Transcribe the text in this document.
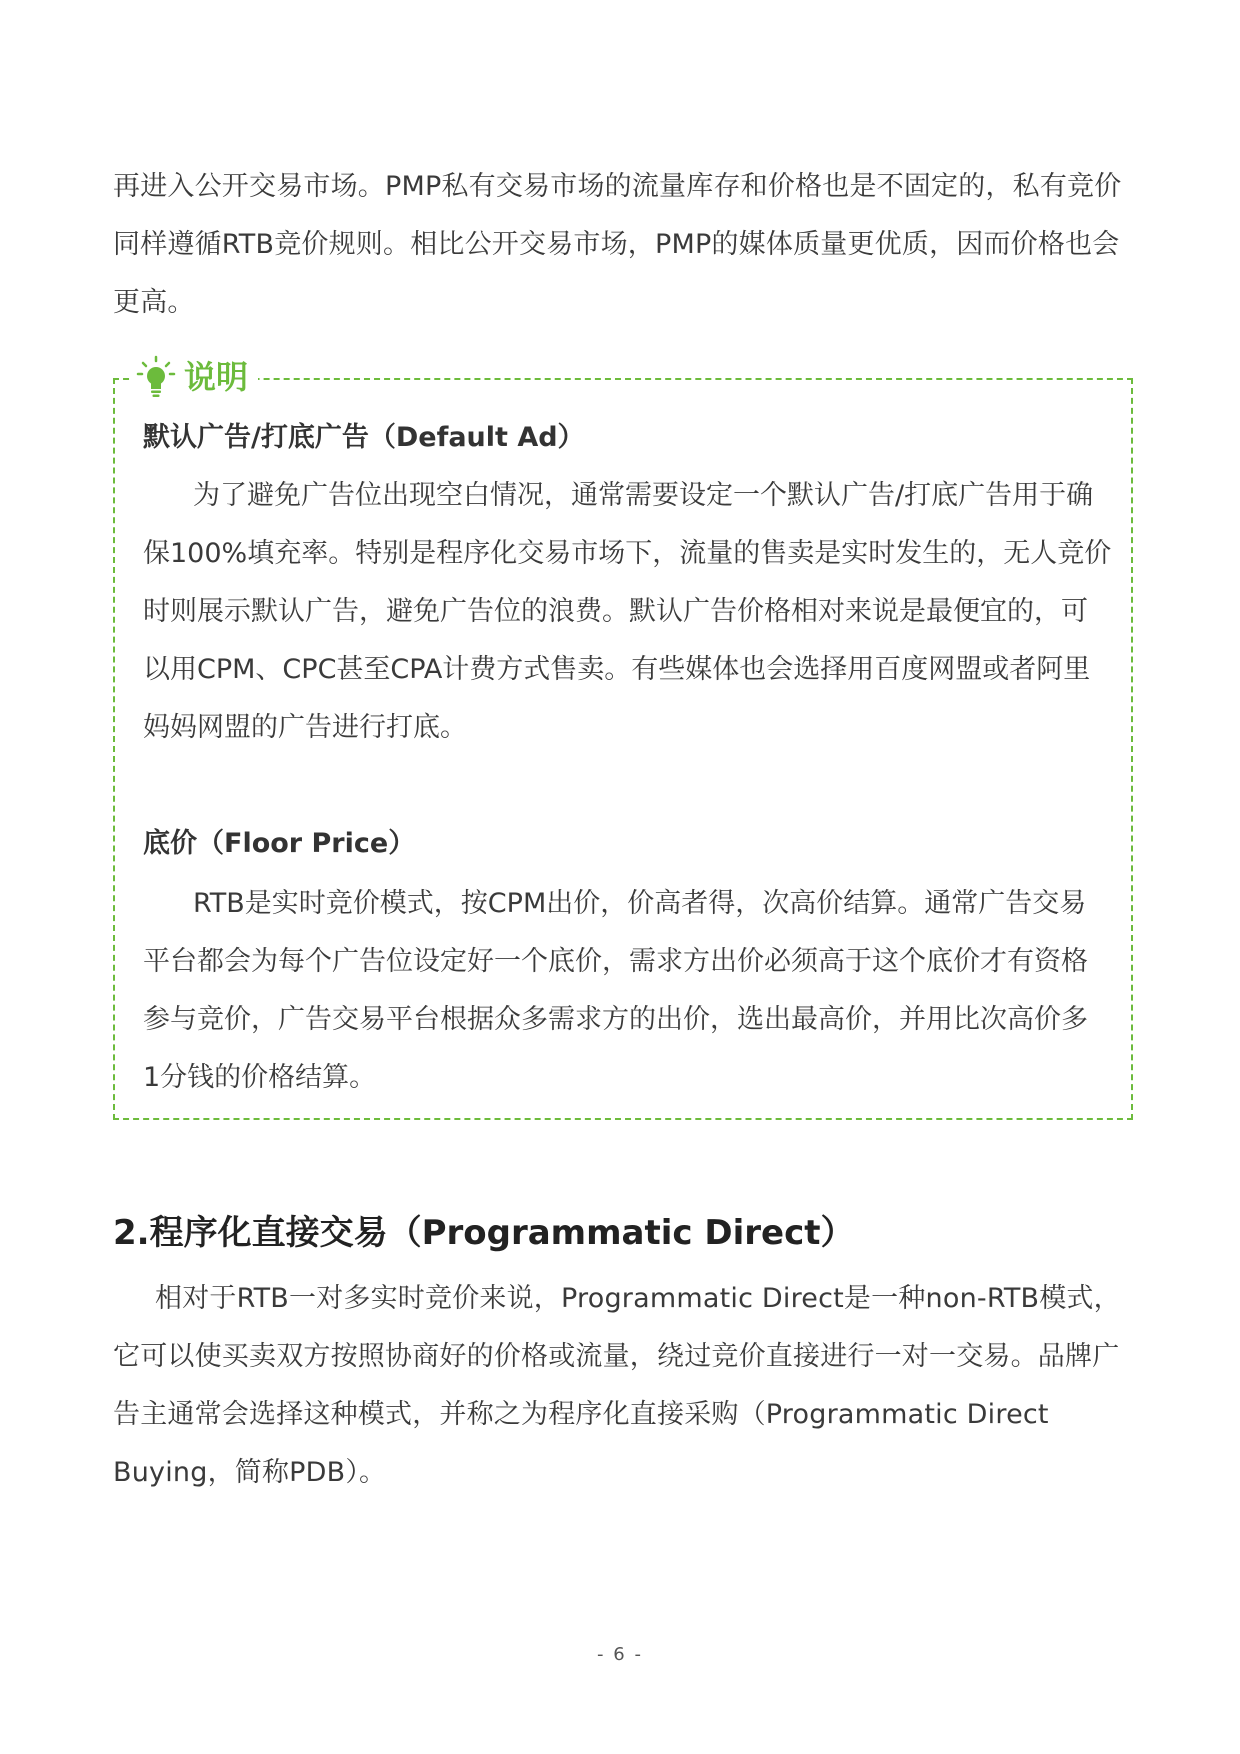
再进入公开交易市场。PMP私有交易市场的流量库存和价格也是不固定的，私有竞价
同样遵循RTB竞价规则。相比公开交易市场，PMP的媒体质量更优质，因而价格也会
更高。
说明
默认广告/打底广告（Default Ad）
为了避免广告位出现空白情况，通常需要设定一个默认广告/打底广告用于确
保100%填充率。特别是程序化交易市场下，流量的售卖是实时发生的，无人竞价
时则展示默认广告，避免广告位的浪费。默认广告价格相对来说是最便宜的，可
以用CPM、CPC甚至CPA计费方式售卖。有些媒体也会选择用百度网盟或者阿里
妈妈网盟的广告进行打底。
底价（Floor Price）
RTB是实时竞价模式，按CPM出价，价高者得，次高价结算。通常广告交易
平台都会为每个广告位设定好一个底价，需求方出价必须高于这个底价才有资格
参与竞价，广告交易平台根据众多需求方的出价，选出最高价，并用比次高价多
1分钱的价格结算。
2.程序化直接交易（Programmatic Direct）
相对于RTB一对多实时竞价来说，Programmatic Direct是一种non-RTB模式，
它可以使买卖双方按照协商好的价格或流量，绕过竞价直接进行一对一交易。品牌广
告主通常会选择这种模式，并称之为程序化直接采购（Programmatic Direct
Buying，简称PDB）。
- 6 -
